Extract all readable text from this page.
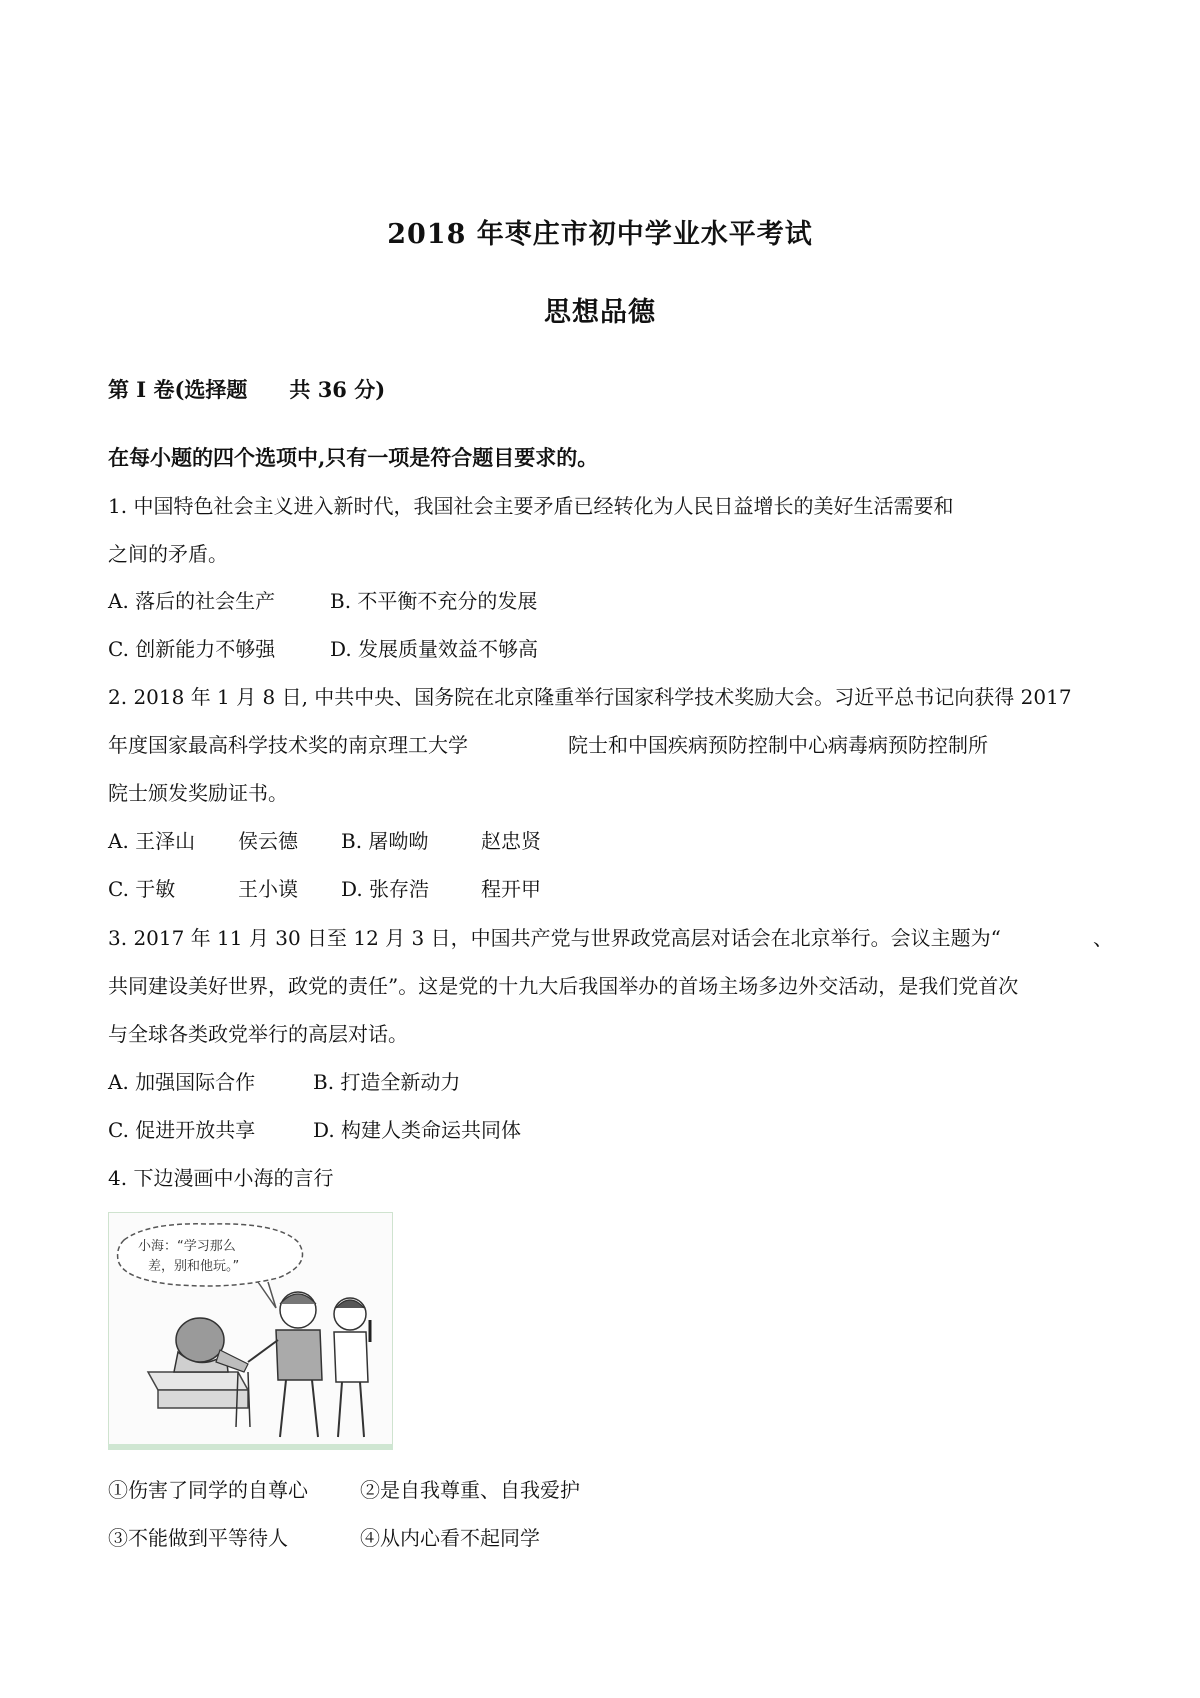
2018 年枣庄市初中学业水平考试
思想品德
第 I 卷(选择题　　共 36 分)
在每小题的四个选项中,只有一项是符合题目要求的。
1. 中国特色社会主义进入新时代，我国社会主要矛盾已经转化为人民日益增长的美好生活需要和
之间的矛盾。
A. 落后的社会生产	B. 不平衡不充分的发展
C. 创新能力不够强	D. 发展质量效益不够高
2. 2018 年 1 月 8 日, 中共中央、国务院在北京隆重举行国家科学技术奖励大会。习近平总书记向获得 2017
年度国家最高科学技术奖的南京理工大学	院士和中国疾病预防控制中心病毒病预防控制所
院士颁发奖励证书。
A. 王泽山 侯云德 B. 屠呦呦	赵忠贤
C. 于敏	王小谟 D. 张存浩	程开甲
3. 2017 年 11 月 30 日至 12 月 3 日，中国共产党与世界政党高层对话会在北京举行。会议主题为“	、
共同建设美好世界，政党的责任”。这是党的十九大后我国举办的首场主场多边外交活动，是我们党首次
与全球各类政党举行的高层对话。
A. 加强国际合作	B. 打造全新动力
C. 促进开放共享	D. 构建人类命运共同体
4. 下边漫画中小海的言行
小海：“学习那么
差，别和他玩。”
①伤害了同学的自尊心	②是自我尊重、自我爱护
③不能做到平等待人	④从内心看不起同学
